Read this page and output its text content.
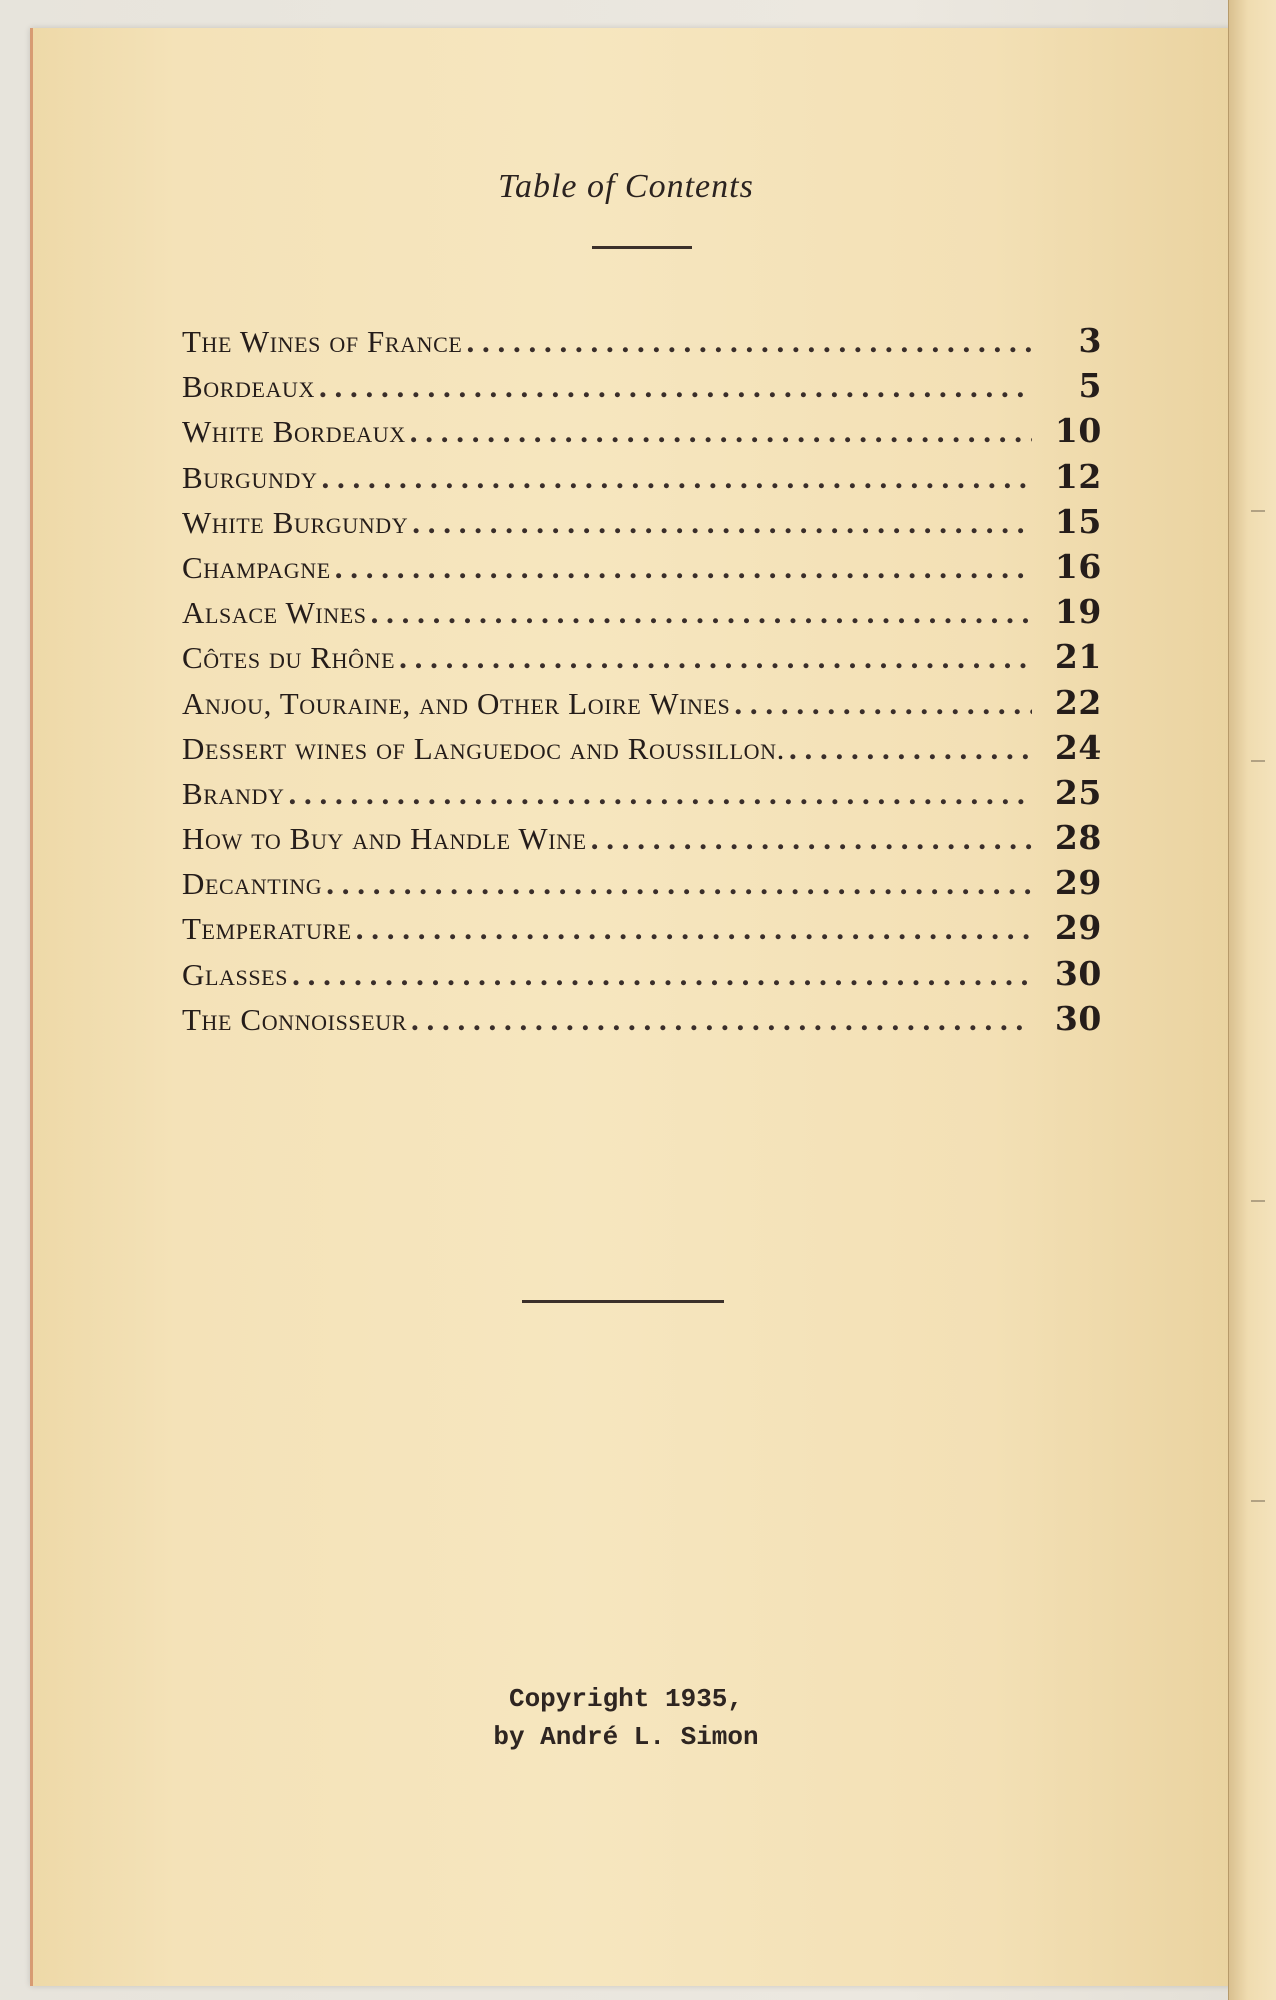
Table of Contents
The Wines of France . . .	3
Bordeaux . . .	5
White Bordeaux . . .	10
Burgundy . . .	12
White Burgundy . . .	15
Champagne . . .	16
Alsace Wines . . .	19
Côtes du Rhône . . .	21
Anjou, Touraine, and Other Loire Wines . . .	22
Dessert wines of Languedoc and Roussillon. . . .	24
Brandy . . .	25
How to Buy and Handle Wine . . .	28
Decanting . . .	29
Temperature . . .	29
Glasses . . .	30
The Connoisseur . . .	30
Copyright 1935,
by André L. Simon
